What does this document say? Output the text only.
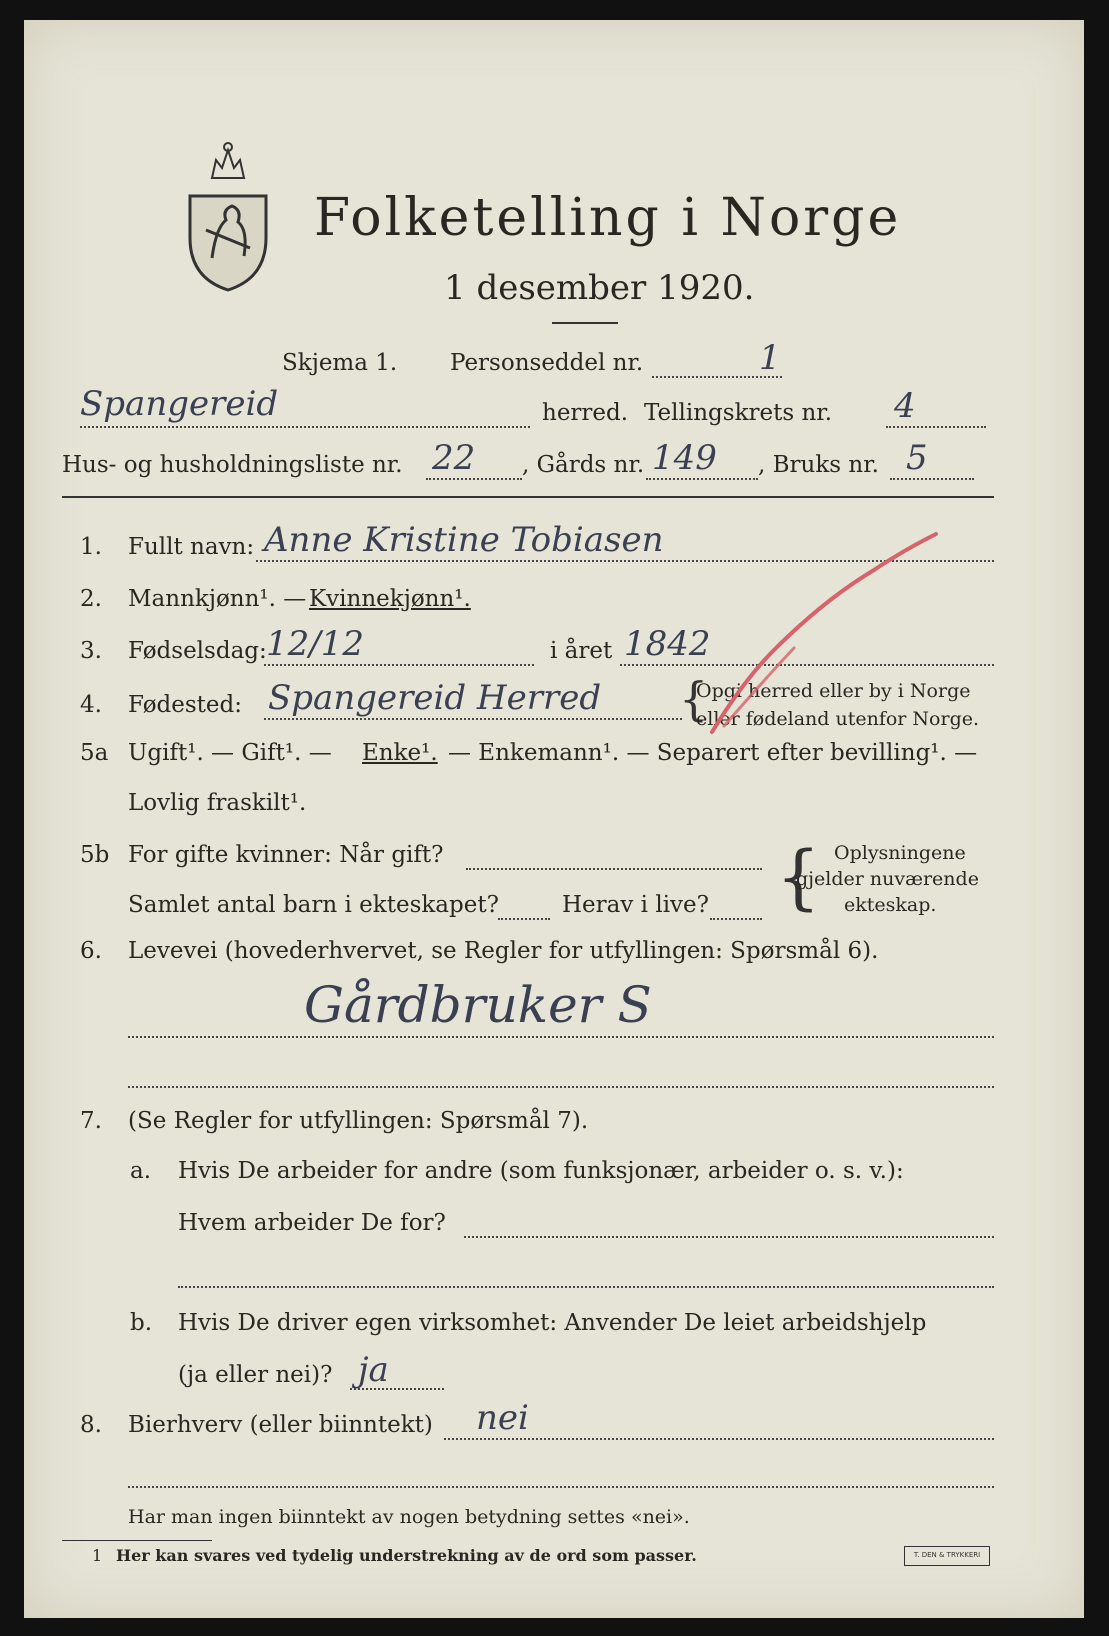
Folketelling i Norge
1 desember 1920.
Skjema 1. Personseddel nr.	1
Spangereid	herred. Tellingskrets nr. 4
Hus- og husholdningsliste nr. 22 , Gårds nr. 149 , Bruks nr. 5
1. Fullt navn: Anne Kristine Tobiasen
2. Mannkjønn¹. — Kvinnekjønn¹.
3. Fødselsdag: 12/12	i året 1842
4. Fødested: Spangereid Herred {
Opgi herred eller by i Norge
eller fødeland utenfor Norge.
5a Ugift¹. — Gift¹. — Enke¹. — Enkemann¹. — Separert efter bevilling¹. —
Lovlig fraskilt¹.
5b For gifte kvinner: Når gift?
Samlet antal barn i ekteskapet?	Herav i live? { Oplysningene
gjelder nuværende
ekteskap.
6. Levevei (hovederhvervet, se Regler for utfyllingen: Spørsmål 6).
Gårdbruker S
7. (Se Regler for utfyllingen: Spørsmål 7).
a. Hvis De arbeider for andre (som funksjonær, arbeider o. s. v.):
Hvem arbeider De for?
b. Hvis De driver egen virksomhet: Anvender De leiet arbeidshjelp
(ja eller nei)? ja
8. Bierhverv (eller biinntekt) nei
Har man ingen biinntekt av nogen betydning settes «nei».
1 Her kan svares ved tydelig understrekning av de ord som passer.	T. DEN & TRYKKERI
